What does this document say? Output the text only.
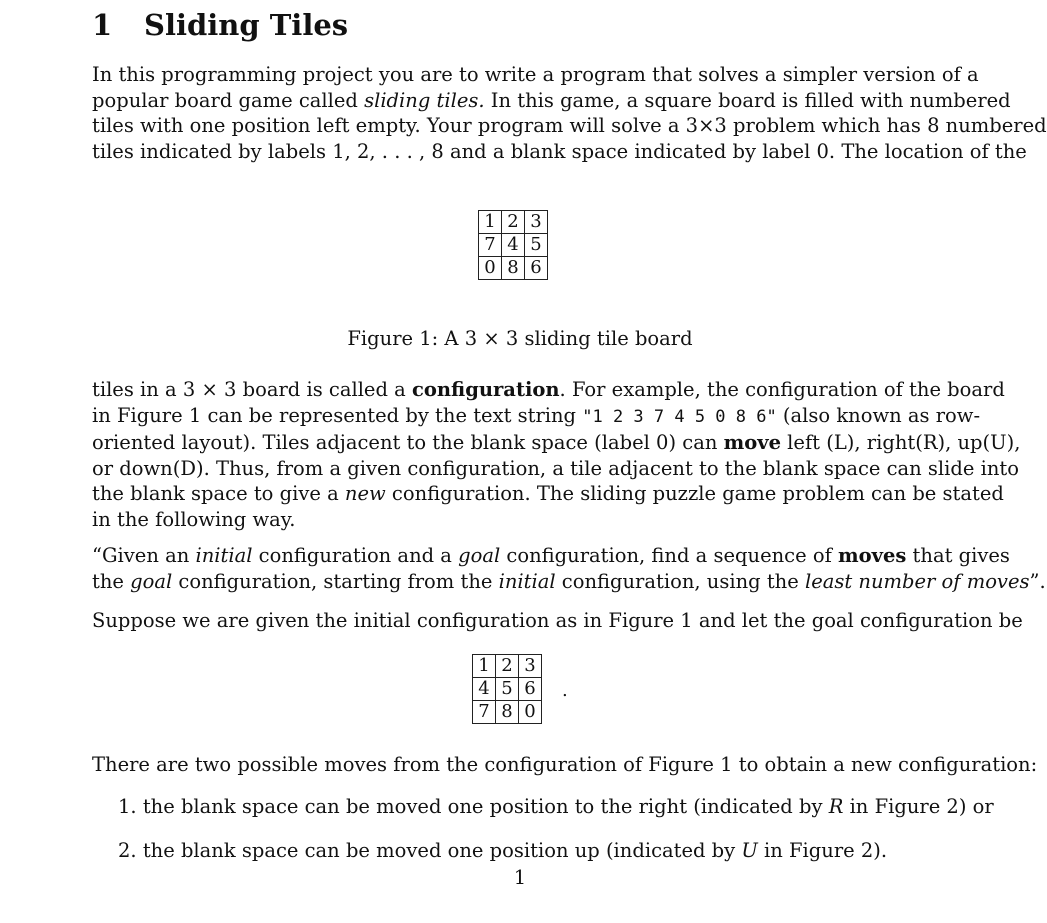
1 Sliding Tiles
In this programming project you are to write a program that solves a simpler version of a
popular board game called sliding tiles. In this game, a square board is filled with numbered
tiles with one position left empty. Your program will solve a 3×3 problem which has 8 numbered
tiles indicated by labels 1, 2, . . . , 8 and a blank space indicated by label 0. The location of the
1	2	3
7	4	5
0	8	6
Figure 1: A 3 × 3 sliding tile board
tiles in a 3 × 3 board is called a configuration. For example, the configuration of the board
in Figure 1 can be represented by the text string "1 2 3 7 4 5 0 8 6" (also known as row-
oriented layout). Tiles adjacent to the blank space (label 0) can move left (L), right(R), up(U),
or down(D). Thus, from a given configuration, a tile adjacent to the blank space can slide into
the blank space to give a new configuration. The sliding puzzle game problem can be stated
in the following way.
“Given an initial configuration and a goal configuration, find a sequence of moves that gives
the goal configuration, starting from the initial configuration, using the least number of moves”.
Suppose we are given the initial configuration as in Figure 1 and let the goal configuration be
1	2	3
4	5	6
7	8	0
.
There are two possible moves from the configuration of Figure 1 to obtain a new configuration:
1. the blank space can be moved one position to the right (indicated by R in Figure 2) or
2. the blank space can be moved one position up (indicated by U in Figure 2).
1
